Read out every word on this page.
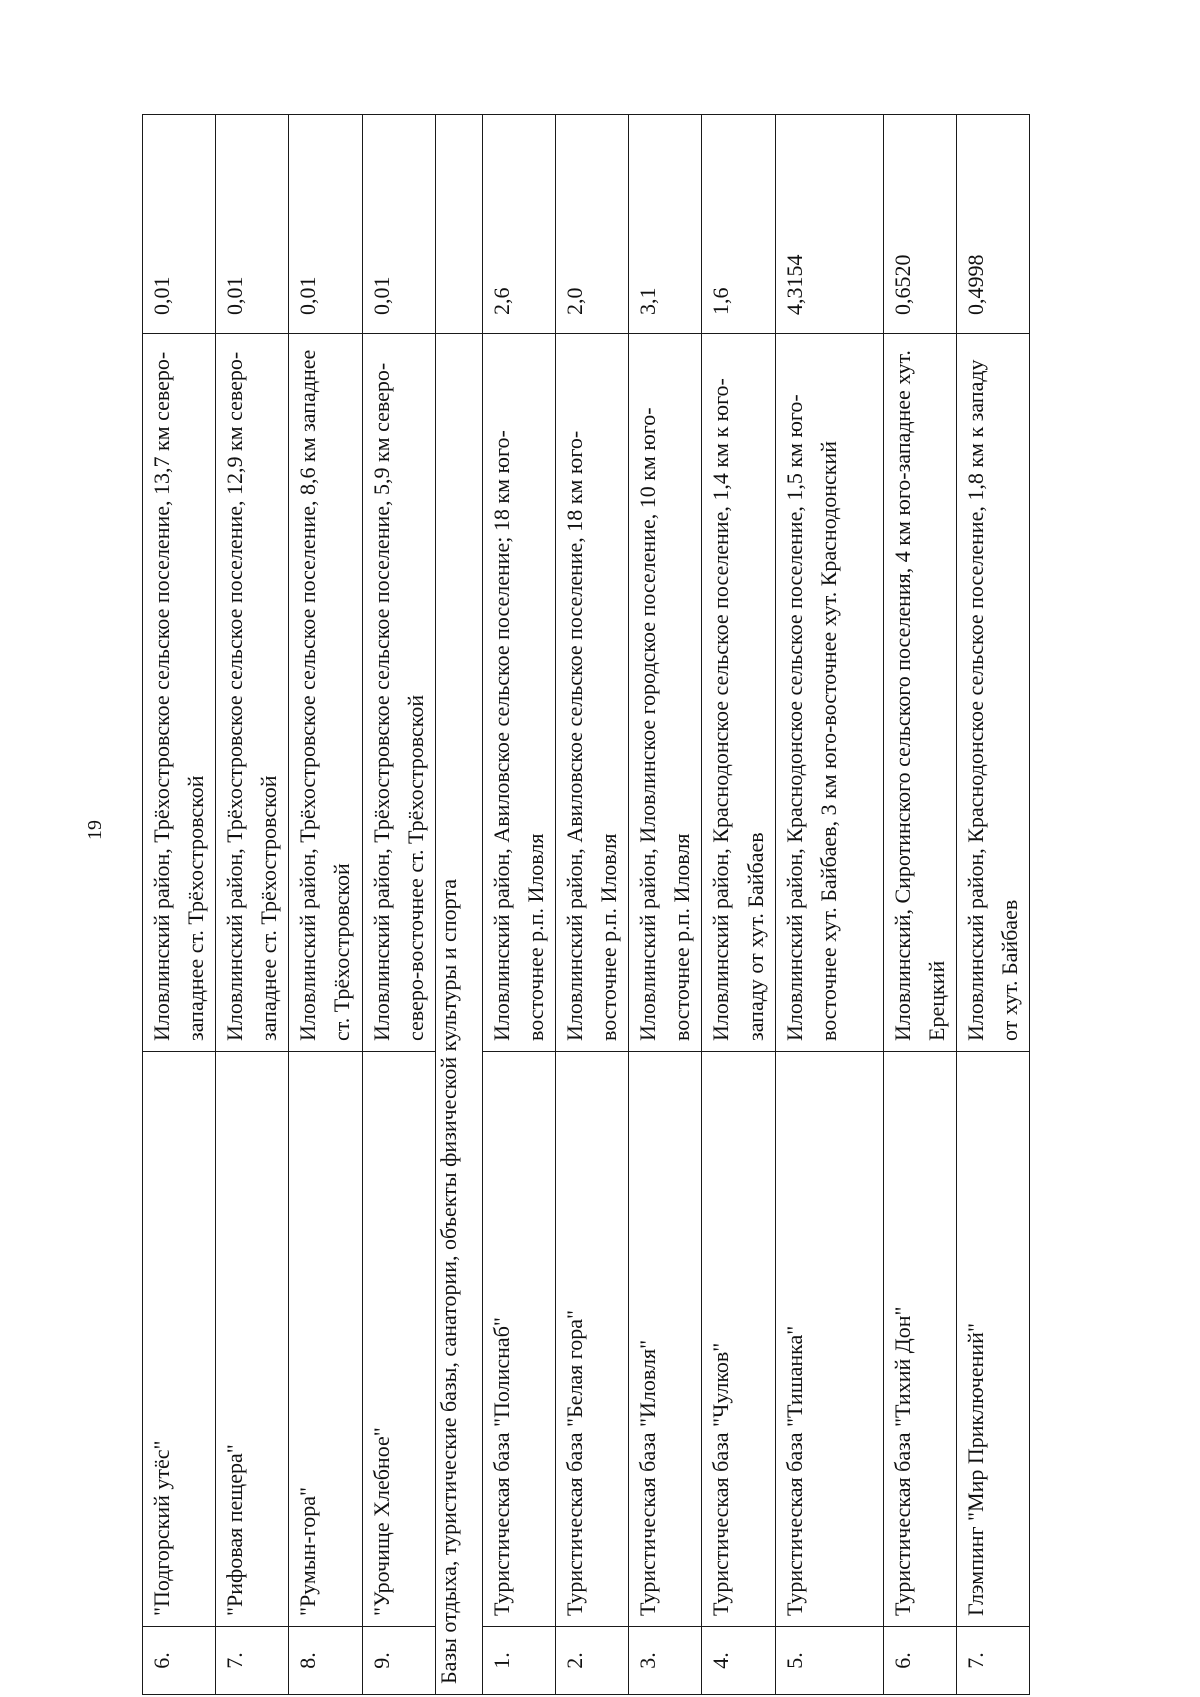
19
6.	"Подгорский утёс"	Иловлинский район, Трёхостровское сельское поселение, 13,7 км северо-западнее ст. Трёхостровской	0,01
7.	"Рифовая пещера"	Иловлинский район, Трёхостровское сельское поселение, 12,9 км северо-западнее ст. Трёхостровской	0,01
8.	"Румын-гора"	Иловлинский район, Трёхостровское сельское поселение, 8,6 км западнее ст. Трёхостровской	0,01
9.	"Урочище Хлебное"	Иловлинский район, Трёхостровское сельское поселение, 5,9 км северо-северо-восточнее ст. Трёхостровской	0,01
Базы отдыха, туристические базы, санатории, объекты физической культуры и спорта			
1.	Туристическая база "Полиснаб"	Иловлинский район, Авиловское сельское поселение; 18 км юго-восточнее р.п. Иловля	2,6
2.	Туристическая база "Белая гора"	Иловлинский район, Авиловское сельское поселение, 18 км юго-восточнее р.п. Иловля	2,0
3.	Туристическая база "Иловля"	Иловлинский район, Иловлинское городское поселение, 10 км юго-восточнее р.п. Иловля	3,1
4.	Туристическая база "Чулков"	Иловлинский район, Краснодонское сельское поселение, 1,4 км к юго-западу от хут. Байбаев	1,6
5.	Туристическая база "Тишанка"	Иловлинский район, Краснодонское сельское поселение, 1,5 км юго-восточнее хут. Байбаев, 3 км юго-восточнее хут. Краснодонский	4,3154
6.	Туристическая база "Тихий Дон"	Иловлинский, Сиротинского сельского поселения, 4 км юго-западнее хут. Ерецкий	0,6520
7.	Глэмпинг "Мир Приключений"	Иловлинский район, Краснодонское сельское поселение, 1,8 км к западу от хут. Байбаев	0,4998
